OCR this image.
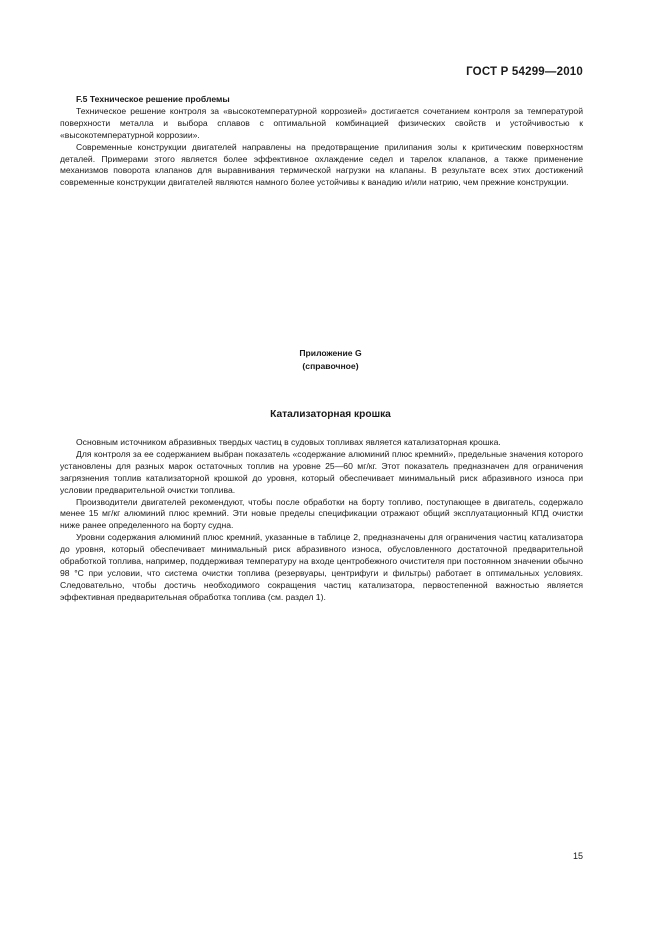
ГОСТ Р 54299—2010

F.5 Техническое решение проблемы

Техническое решение контроля за «высокотемпературной коррозией» достигается сочетанием контроля за температурой поверхности металла и выбора сплавов с оптимальной комбинацией физических свойств и устойчивостью к «высокотемпературной коррозии».

Современные конструкции двигателей направлены на предотвращение прилипания золы к критическим поверхностям деталей. Примерами этого является более эффективное охлаждение седел и тарелок клапанов, а также применение механизмов поворота клапанов для выравнивания термической нагрузки на клапаны. В результате всех этих достижений современные конструкции двигателей являются намного более устойчивы к ванадию и/или натрию, чем прежние конструкции.

Приложение G
(справочное)
Катализаторная крошка

Основным источником абразивных твердых частиц в судовых топливах является катализаторная крошка.

Для контроля за ее содержанием выбран показатель «содержание алюминий плюс кремний», предельные значения которого установлены для разных марок остаточных топлив на уровне 25—60 мг/кг. Этот показатель предназначен для ограничения загрязнения топлив катализаторной крошкой до уровня, который обеспечивает минимальный риск абразивного износа при условии предварительной очистки топлива.

Производители двигателей рекомендуют, чтобы после обработки на борту топливо, поступающее в двигатель, содержало менее 15 мг/кг алюминий плюс кремний. Эти новые пределы спецификации отражают общий эксплуатационный КПД очистки ниже ранее определенного на борту судна.

Уровни содержания алюминий плюс кремний, указанные в таблице 2, предназначены для ограничения частиц катализатора до уровня, который обеспечивает минимальный риск абразивного износа, обусловленного достаточной предварительной обработкой топлива, например, поддерживая температуру на входе центробежного очистителя при постоянном значении обычно 98 °С при условии, что система очистки топлива (резервуары, центрифуги и фильтры) работает в оптимальных условиях. Следовательно, чтобы достичь необходимого сокращения частиц катализатора, первостепенной важностью является эффективная предварительная обработка топлива (см. раздел 1).

15
